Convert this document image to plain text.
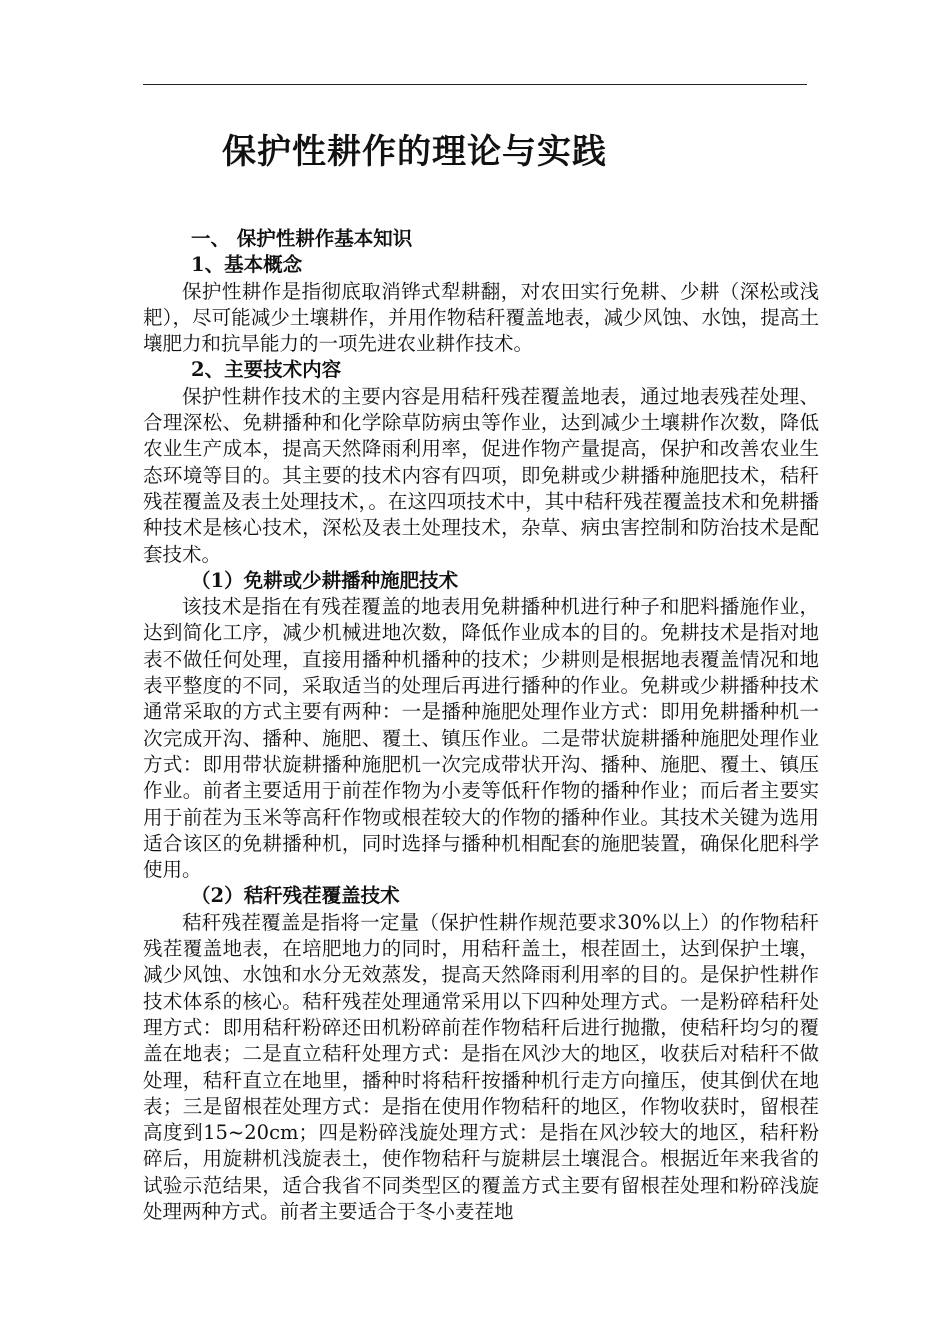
保护性耕作的理论与实践
一、 保护性耕作基本知识
1、基本概念

保护性耕作是指彻底取消铧式犁耕翻，对农田实行免耕、少耕（深松或浅耙），尽可能减少土壤耕作，并用作物秸秆覆盖地表，减少风蚀、水蚀，提高土壤肥力和抗旱能力的一项先进农业耕作技术。

2、主要技术内容

保护性耕作技术的主要内容是用秸秆残茬覆盖地表，通过地表残茬处理、合理深松、免耕播种和化学除草防病虫等作业，达到减少土壤耕作次数，降低农业生产成本，提高天然降雨利用率，促进作物产量提高，保护和改善农业生态环境等目的。其主要的技术内容有四项，即免耕或少耕播种施肥技术，秸秆残茬覆盖及表土处理技术，。在这四项技术中，其中秸秆残茬覆盖技术和免耕播种技术是核心技术，深松及表土处理技术，杂草、病虫害控制和防治技术是配套技术。

（1）免耕或少耕播种施肥技术

该技术是指在有残茬覆盖的地表用免耕播种机进行种子和肥料播施作业，达到简化工序，减少机械进地次数，降低作业成本的目的。免耕技术是指对地表不做任何处理，直接用播种机播种的技术；少耕则是根据地表覆盖情况和地表平整度的不同，采取适当的处理后再进行播种的作业。免耕或少耕播种技术通常采取的方式主要有两种：一是播种施肥处理作业方式：即用免耕播种机一次完成开沟、播种、施肥、覆土、镇压作业。二是带状旋耕播种施肥处理作业方式：即用带状旋耕播种施肥机一次完成带状开沟、播种、施肥、覆土、镇压作业。前者主要适用于前茬作物为小麦等低秆作物的播种作业；而后者主要实用于前茬为玉米等高秆作物或根茬较大的作物的播种作业。其技术关键为选用适合该区的免耕播种机，同时选择与播种机相配套的施肥装置，确保化肥科学使用。

（2）秸秆残茬覆盖技术

秸秆残茬覆盖是指将一定量（保护性耕作规范要求30%以上）的作物秸秆残茬覆盖地表，在培肥地力的同时，用秸秆盖土，根茬固土，达到保护土壤，减少风蚀、水蚀和水分无效蒸发，提高天然降雨利用率的目的。是保护性耕作技术体系的核心。秸秆残茬处理通常采用以下四种处理方式。一是粉碎秸秆处理方式：即用秸秆粉碎还田机粉碎前茬作物秸秆后进行抛撒，使秸秆均匀的覆盖在地表；二是直立秸秆处理方式：是指在风沙大的地区，收获后对秸秆不做处理，秸秆直立在地里，播种时将秸秆按播种机行走方向撞压，使其倒伏在地表；三是留根茬处理方式：是指在使用作物秸秆的地区，作物收获时，留根茬高度到15~20cm；四是粉碎浅旋处理方式：是指在风沙较大的地区，秸秆粉碎后，用旋耕机浅旋表土，使作物秸秆与旋耕层土壤混合。根据近年来我省的试验示范结果，适合我省不同类型区的覆盖方式主要有留根茬处理和粉碎浅旋处理两种方式。前者主要适合于冬小麦茬地
